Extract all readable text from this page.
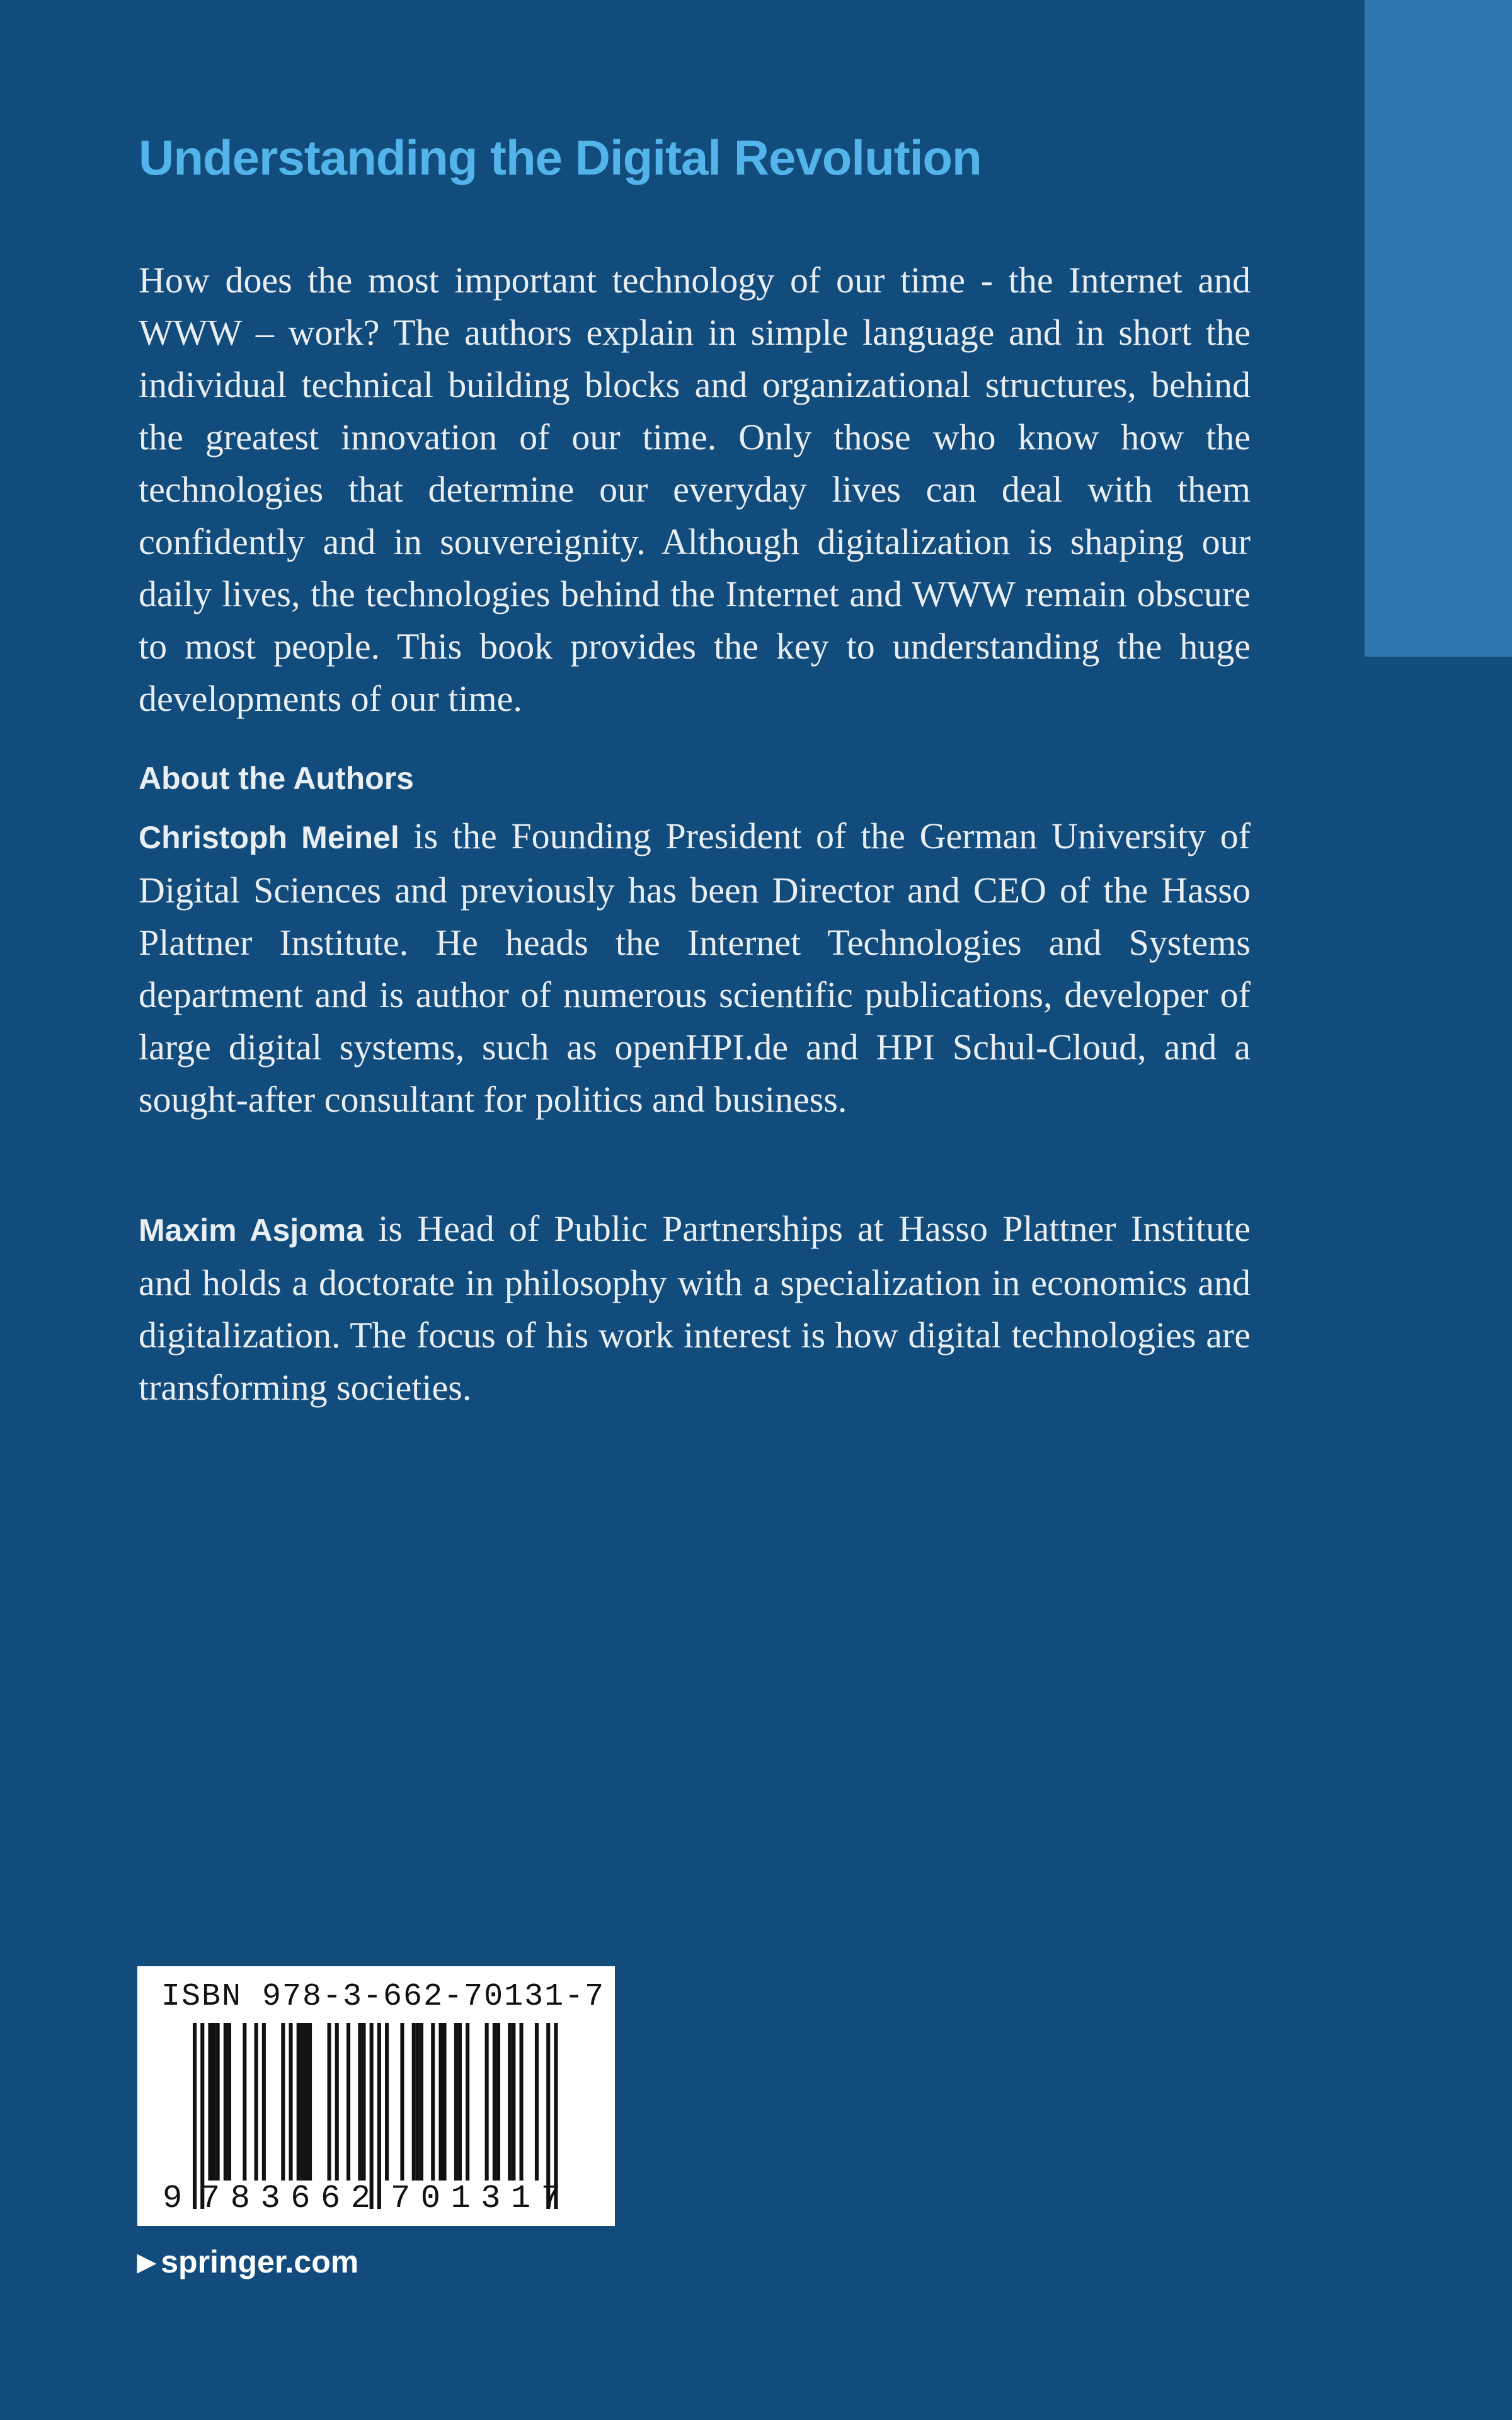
Understanding the Digital Revolution

How does the most important technology of our time - the Internet and WWW – work? The authors explain in simple language and in short the individual technical building blocks and organizational structures, behind the greatest innovation of our time. Only those who know how the technologies that determine our everyday lives can deal with them confidently and in souvereignity. Although digitalization is shaping our daily lives, the technologies behind the Internet and WWW remain obscure to most people. This book provides the key to understanding the huge developments of our time.

About the Authors

Christoph Meinel is the Founding President of the German University of Digital Sciences and previously has been Director and CEO of the Hasso Plattner Institute. He heads the Internet Technologies and Systems department and is author of numerous scientific publications, developer of large digital systems, such as openHPI.de and HPI Schul-Cloud, and a sought-after consultant for politics and business.

Maxim Asjoma is Head of Public Partnerships at Hasso Plattner Institute and holds a doctorate in philosophy with a specialization in economics and digitalization. The focus of his work interest is how digital technologies are transforming societies.

ISBN 978-3-662-70131-7
9 783662 701317
▶ springer.com
